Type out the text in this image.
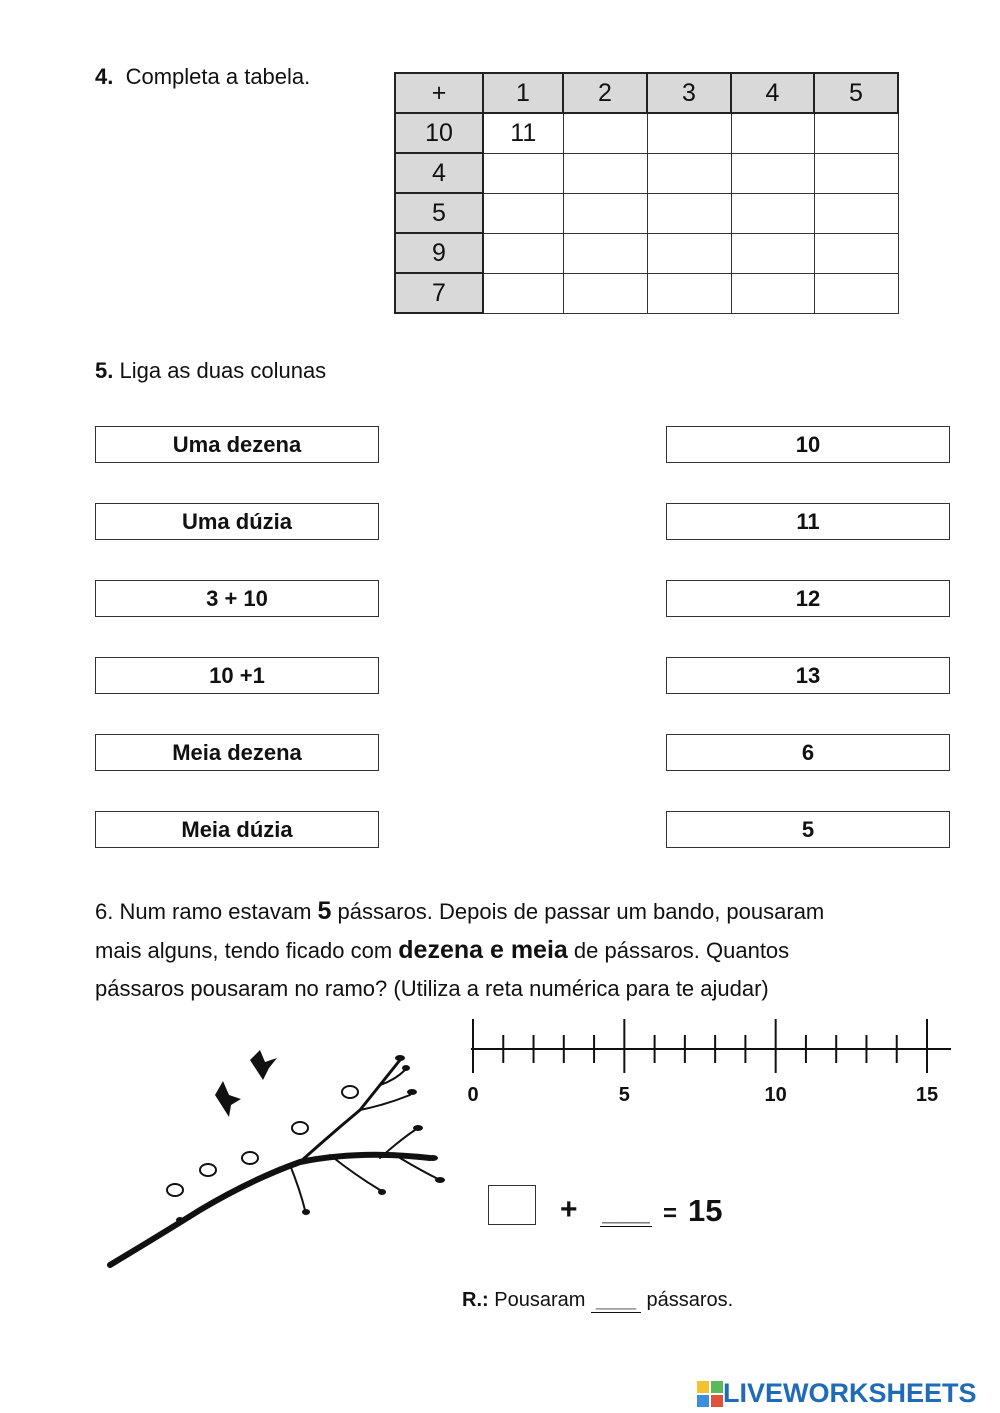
4. Completa a tabela.
+	1	2	3	4	5
10	11				
4					
5					
9					
7					
5. Liga as duas colunas
Uma dezena
Uma dúzia
3 + 10
10 +1
Meia dezena
Meia dúzia
10
11
12
13
6
5
6. Num ramo estavam 5 pássaros. Depois de passar um bando, pousaram
mais alguns, tendo ficado com dezena e meia de pássaros. Quantos
pássaros pousaram no ramo? (Utiliza a reta numérica para te ajudar)
0	5	10	15
+
____	= 15
R.: Pousaram
____	pássaros.
LIVEWORKSHEETS
